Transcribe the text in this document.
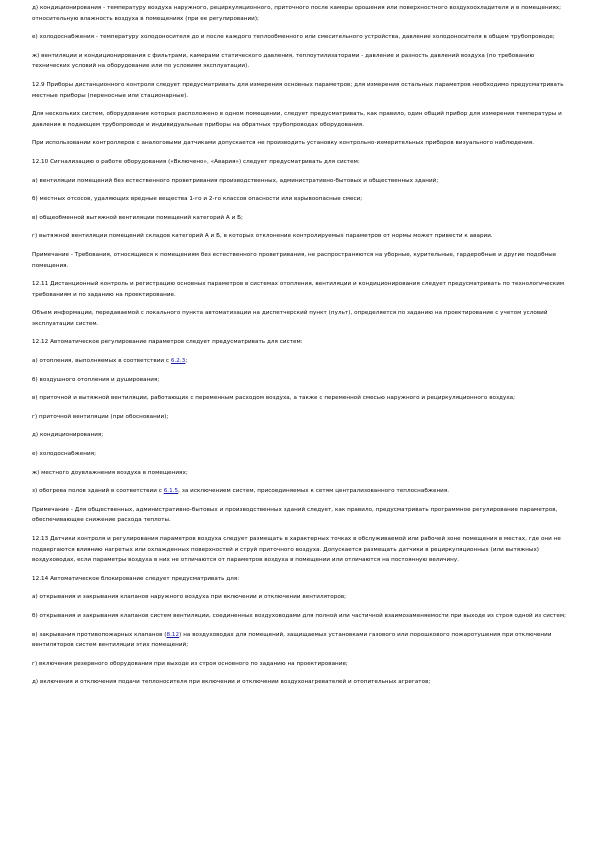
д) кондиционирования - температуру воздуха наружного, рециркуляционного, приточного после камеры орошения или поверхностного воздухоохладителя и в помещениях; относительную влажность воздуха в помещениях (при ее регулировании);

е) холодоснабжения - температуру холодоносителя до и после каждого теплообменного или смесительного устройства, давление холодоносителя в общем трубопроводе;

ж) вентиляции и кондиционирования с фильтрами, камерами статического давления, теплоутилизаторами - давление и разность давлений воздуха (по требованию технических условий на оборудование или по условиям эксплуатации).

12.9 Приборы дистанционного контроля следует предусматривать для измерения основных параметров; для измерения остальных параметров необходимо предусматривать местные приборы (переносные или стационарные).

Для нескольких систем, оборудование которых расположено в одном помещении, следует предусматривать, как правило, один общий прибор для измерения температуры и давления в подающем трубопроводе и индивидуальные приборы на обратных трубопроводах оборудования.

При использовании контроллеров с аналоговыми датчиками допускается не производить установку контрольно-измерительных приборов визуального наблюдения.

12.10 Сигнализацию о работе оборудования («Включено», «Авария») следует предусматривать для систем:

а) вентиляции помещений без естественного проветривания производственных, административно-бытовых и общественных зданий;

б) местных отсосов, удаляющих вредные вещества 1-го и 2-го классов опасности или взрывоопасные смеси;

в) общеобменной вытяжной вентиляции помещений категорий А и Б;

г) вытяжной вентиляции помещений складов категорий А и Б, в которых отклонение контролируемых параметров от нормы может привести к аварии.

Примечание - Требования, относящиеся к помещениям без естественного проветривания, не распространяются на уборные, курительные, гардеробные и другие подобные помещения.

12.11 Дистанционный контроль и регистрацию основных параметров в системах отопления, вентиляции и кондиционирования следует предусматривать по технологическим требованиям и по заданию на проектирование.

Объем информации, передаваемой с локального пункта автоматизации на диспетчерский пункт (пульт), определяется по заданию на проектирование с учетом условий эксплуатации систем.

12.12 Автоматическое регулирование параметров следует предусматривать для систем:

а) отопления, выполняемых в соответствии с 6.2.3;

б) воздушного отопления и душирования;

в) приточной и вытяжной вентиляции, работающих с переменным расходом воздуха, а также с переменной смесью наружного и рециркуляционного воздуха;

г) приточной вентиляции (при обосновании);

д) кондиционирования;

е) холодоснабжения;

ж) местного доувлажнения воздуха в помещениях;

з) обогрева полов зданий в соответствии с 6.1.5, за исключением систем, присоединяемых к сетям централизованного теплоснабжения.

Примечание - Для общественных, административно-бытовых и производственных зданий следует, как правило, предусматривать программное регулирование параметров, обеспечивающее снижение расхода теплоты.

12.13 Датчики контроля и регулирования параметров воздуха следует размещать в характерных точках в обслуживаемой или рабочей зоне помещения в местах, где они не подвергаются влиянию нагретых или охлажденных поверхностей и струй приточного воздуха. Допускается размещать датчики в рециркуляционных (или вытяжных) воздуховодах, если параметры воздуха в них не отличаются от параметров воздуха в помещении или отличаются на постоянную величину.

12.14 Автоматическое блокирование следует предусматривать для:

а) открывания и закрывания клапанов наружного воздуха при включении и отключении вентиляторов;

б) открывания и закрывания клапанов систем вентиляции, соединенных воздуховодами для полной или частичной взаимозаменяемости при выходе из строя одной из систем;

в) закрывания противопожарных клапанов (8.12) на воздуховодах для помещений, защищаемых установками газового или порошкового пожаротушения при отключении вентиляторов систем вентиляции этих помещений;

г) включения резервного оборудования при выходе из строя основного по заданию на проектирование;

д) включения и отключения подачи теплоносителя при включении и отключении воздухонагревателей и отопительных агрегатов;
